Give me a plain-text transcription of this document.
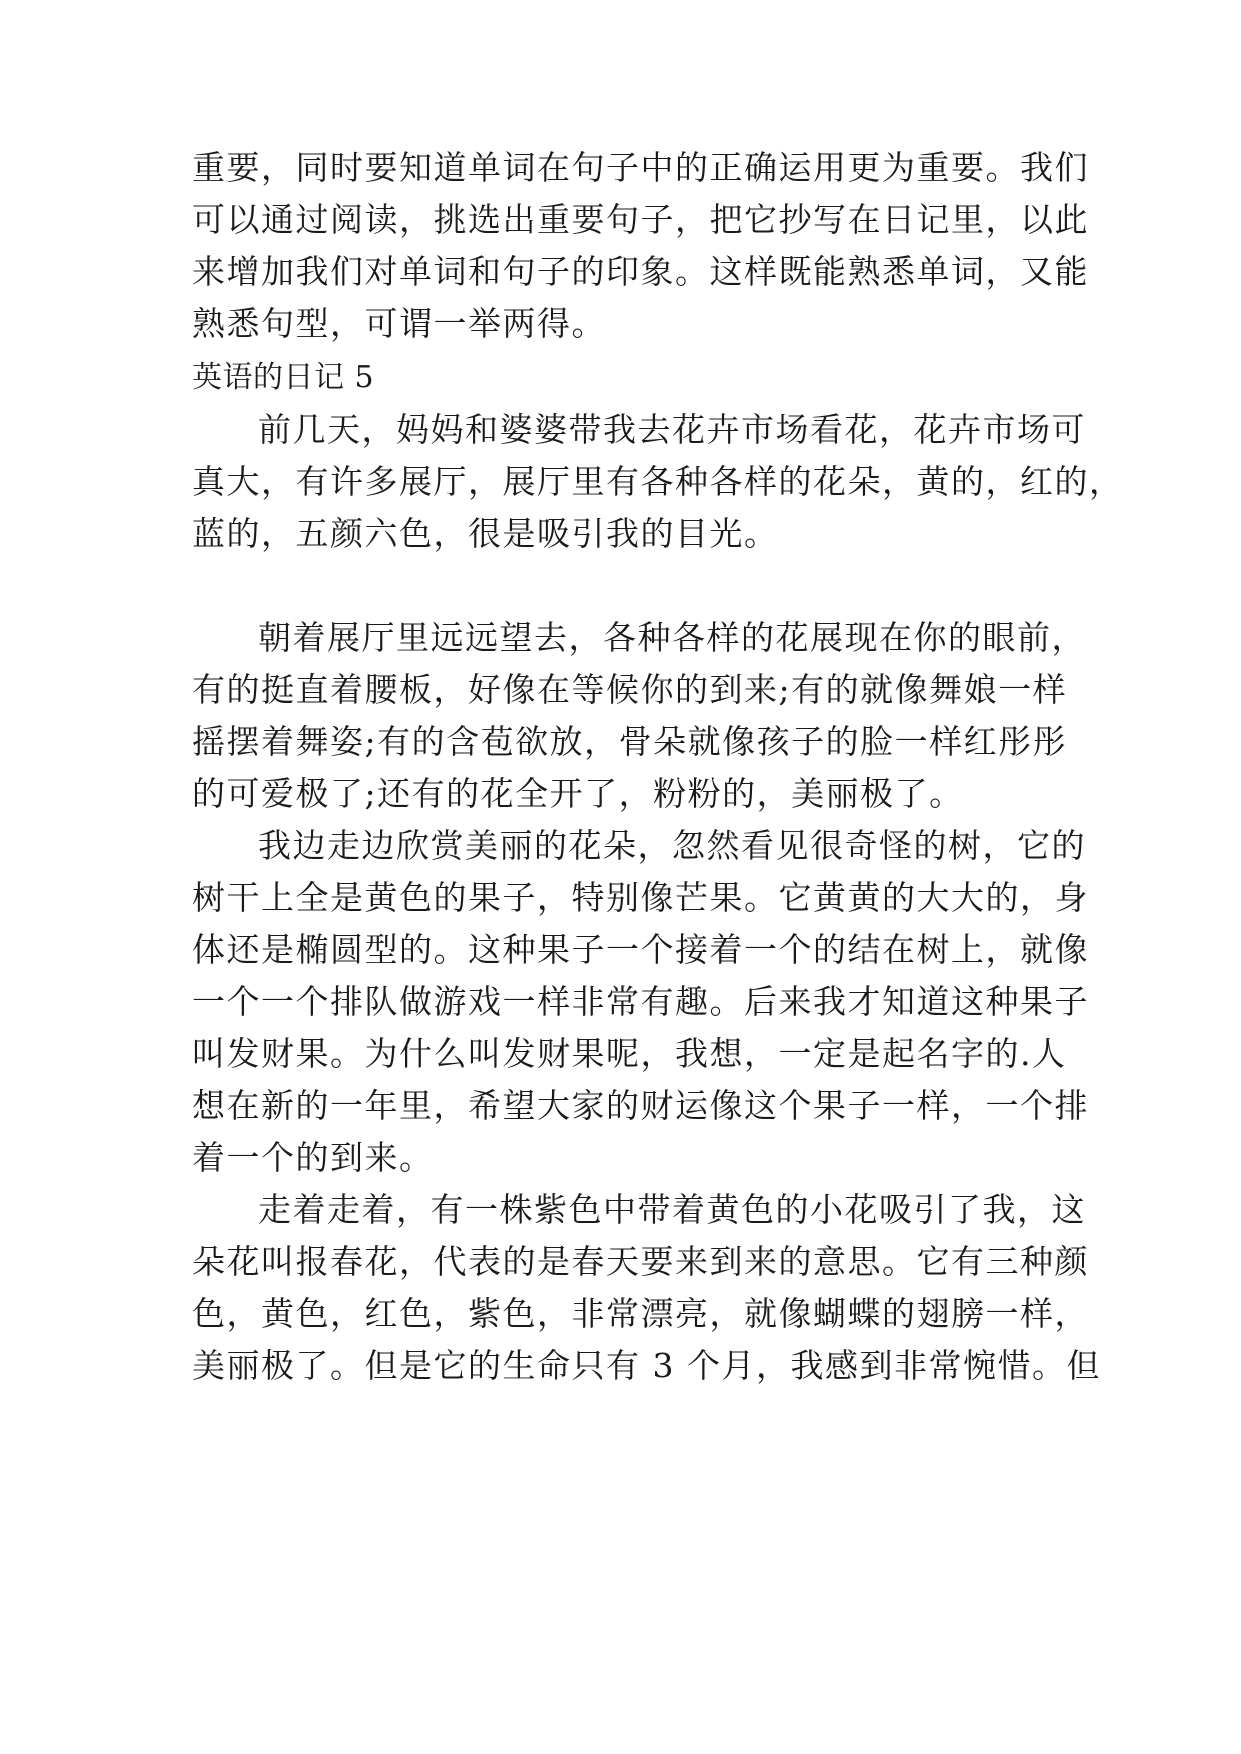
重要，同时要知道单词在句子中的正确运用更为重要。我们
可以通过阅读，挑选出重要句子，把它抄写在日记里，以此
来增加我们对单词和句子的印象。这样既能熟悉单词，又能
熟悉句型，可谓一举两得。
英语的日记 5
前几天，妈妈和婆婆带我去花卉市场看花，花卉市场可
真大，有许多展厅，展厅里有各种各样的花朵，黄的，红的，
蓝的，五颜六色，很是吸引我的目光。
朝着展厅里远远望去，各种各样的花展现在你的眼前，
有的挺直着腰板，好像在等候你的到来;有的就像舞娘一样
摇摆着舞姿;有的含苞欲放，骨朵就像孩子的脸一样红彤彤
的可爱极了;还有的花全开了，粉粉的，美丽极了。
我边走边欣赏美丽的花朵，忽然看见很奇怪的树，它的
树干上全是黄色的果子，特别像芒果。它黄黄的大大的，身
体还是椭圆型的。这种果子一个接着一个的结在树上，就像
一个一个排队做游戏一样非常有趣。后来我才知道这种果子
叫发财果。为什么叫发财果呢，我想，一定是起名字的.人
想在新的一年里，希望大家的财运像这个果子一样，一个排
着一个的到来。
走着走着，有一株紫色中带着黄色的小花吸引了我，这
朵花叫报春花，代表的是春天要来到来的意思。它有三种颜
色，黄色，红色，紫色，非常漂亮，就像蝴蝶的翅膀一样，
美丽极了。但是它的生命只有 3 个月，我感到非常惋惜。但
